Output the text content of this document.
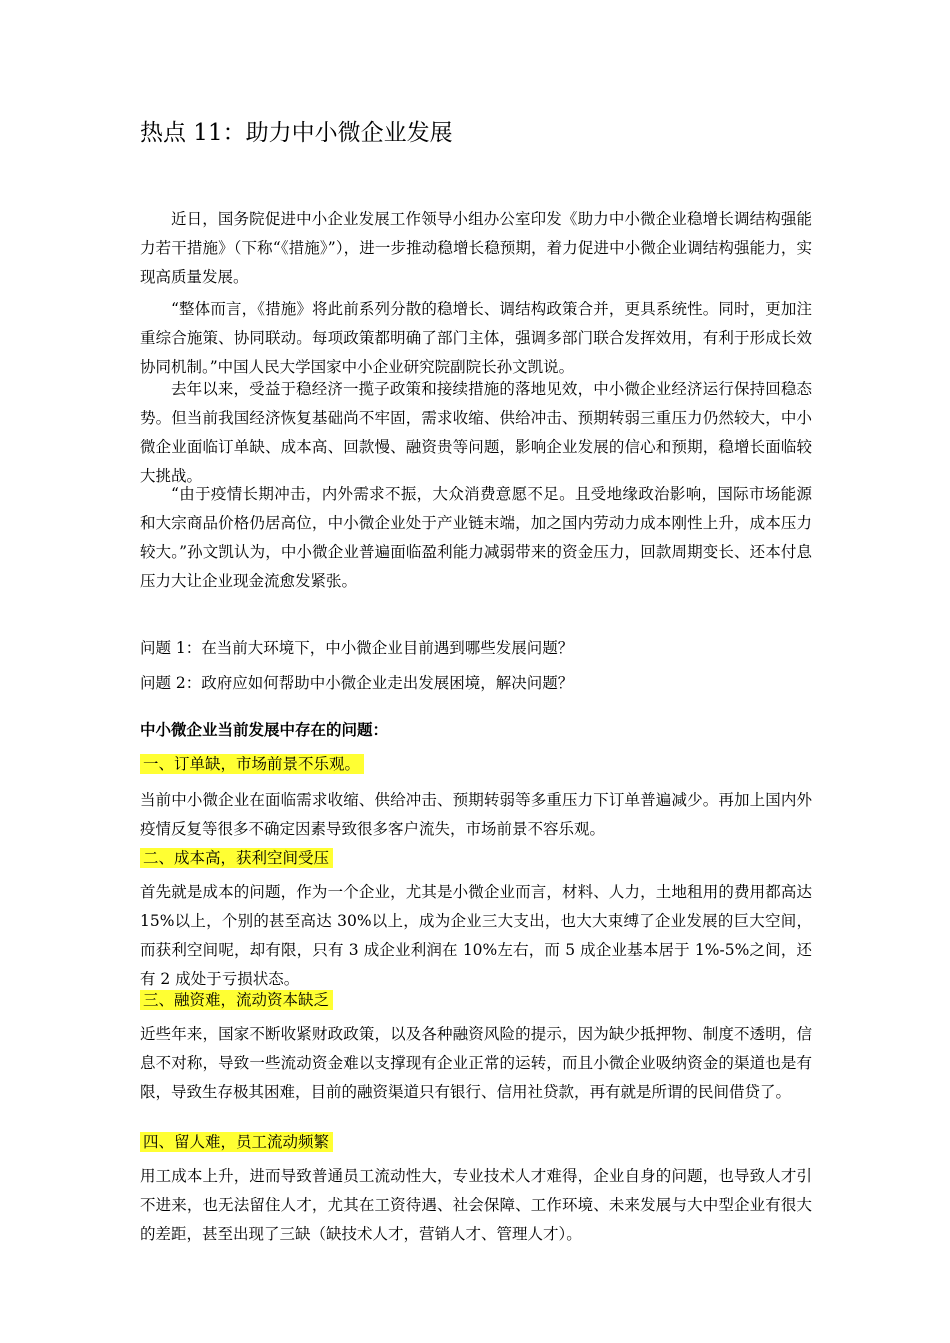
热点 11：助力中小微企业发展

近日，国务院促进中小企业发展工作领导小组办公室印发《助力中小微企业稳增长调结构强能力若干措施》（下称“《措施》”），进一步推动稳增长稳预期，着力促进中小微企业调结构强能力，实现高质量发展。

“整体而言，《措施》将此前系列分散的稳增长、调结构政策合并，更具系统性。同时，更加注重综合施策、协同联动。每项政策都明确了部门主体，强调多部门联合发挥效用，有利于形成长效协同机制。”中国人民大学国家中小企业研究院副院长孙文凯说。

去年以来，受益于稳经济一揽子政策和接续措施的落地见效，中小微企业经济运行保持回稳态势。但当前我国经济恢复基础尚不牢固，需求收缩、供给冲击、预期转弱三重压力仍然较大，中小微企业面临订单缺、成本高、回款慢、融资贵等问题，影响企业发展的信心和预期，稳增长面临较大挑战。

“由于疫情长期冲击，内外需求不振，大众消费意愿不足。且受地缘政治影响，国际市场能源和大宗商品价格仍居高位，中小微企业处于产业链末端，加之国内劳动力成本刚性上升，成本压力较大。”孙文凯认为，中小微企业普遍面临盈利能力减弱带来的资金压力，回款周期变长、还本付息压力大让企业现金流愈发紧张。

问题 1：在当前大环境下，中小微企业目前遇到哪些发展问题？

问题 2：政府应如何帮助中小微企业走出发展困境，解决问题？

中小微企业当前发展中存在的问题：

一、订单缺，市场前景不乐观。

当前中小微企业在面临需求收缩、供给冲击、预期转弱等多重压力下订单普遍减少。再加上国内外疫情反复等很多不确定因素导致很多客户流失，市场前景不容乐观。

二、成本高，获利空间受压

首先就是成本的问题，作为一个企业，尤其是小微企业而言，材料、人力，土地租用的费用都高达 15%以上，个别的甚至高达 30%以上，成为企业三大支出，也大大束缚了企业发展的巨大空间，而获利空间呢，却有限，只有 3 成企业利润在 10%左右，而 5 成企业基本居于 1%-5%之间，还有 2 成处于亏损状态。

三、融资难，流动资本缺乏

近些年来，国家不断收紧财政政策，以及各种融资风险的提示，因为缺少抵押物、制度不透明，信息不对称，导致一些流动资金难以支撑现有企业正常的运转，而且小微企业吸纳资金的渠道也是有限，导致生存极其困难，目前的融资渠道只有银行、信用社贷款，再有就是所谓的民间借贷了。

四、留人难，员工流动频繁

用工成本上升，进而导致普通员工流动性大，专业技术人才难得，企业自身的问题，也导致人才引不进来，也无法留住人才，尤其在工资待遇、社会保障、工作环境、未来发展与大中型企业有很大的差距，甚至出现了三缺（缺技术人才，营销人才、管理人才）。
